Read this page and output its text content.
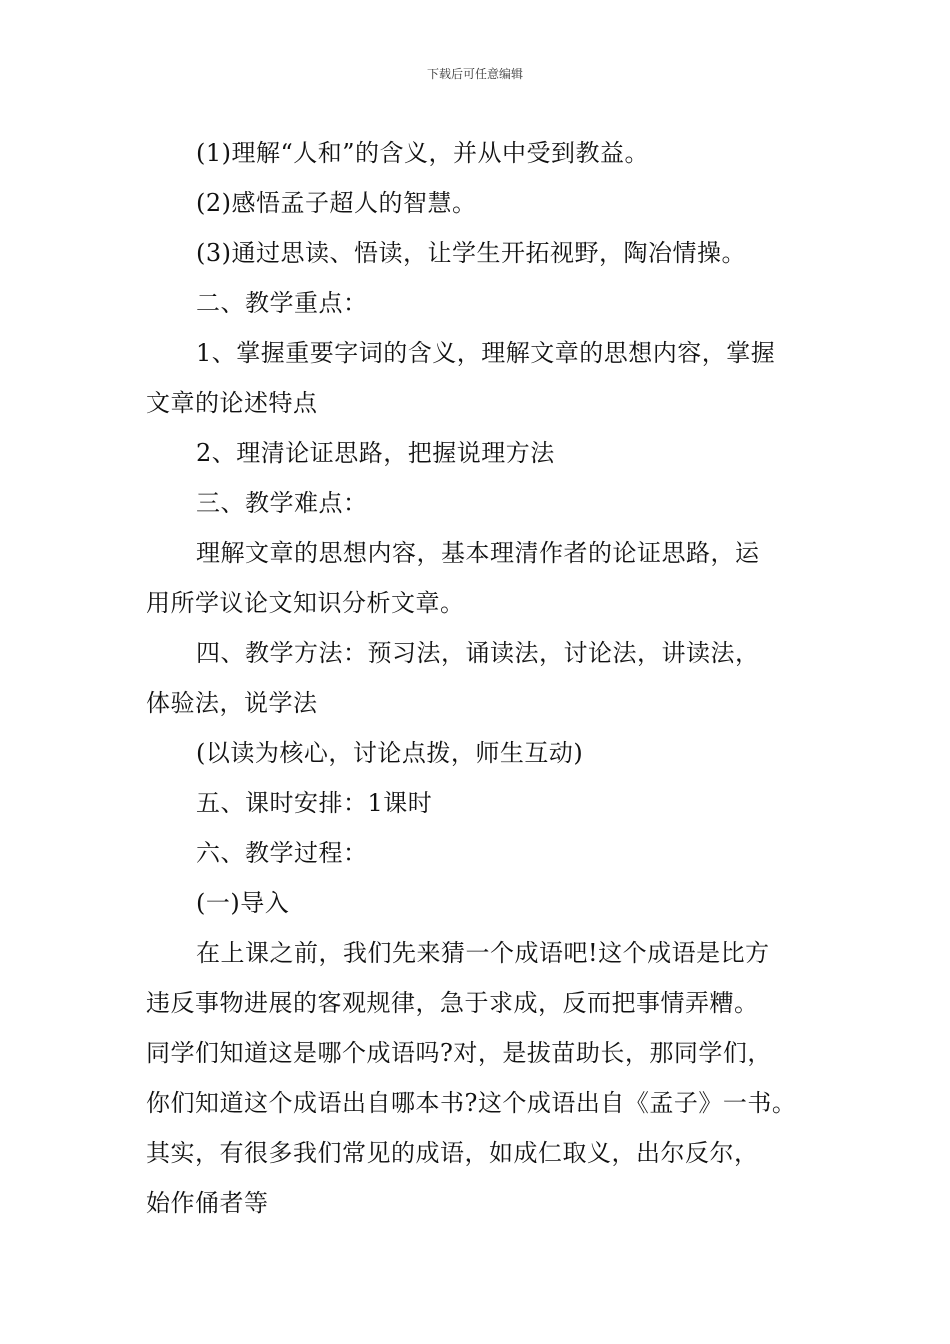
下载后可任意编辑
(1)理解“人和”的含义，并从中受到教益。
(2)感悟孟子超人的智慧。
(3)通过思读、悟读，让学生开拓视野，陶冶情操。
二、教学重点：
1、掌握重要字词的含义，理解文章的思想内容，掌握
文章的论述特点
2、理清论证思路，把握说理方法
三、教学难点：
理解文章的思想内容，基本理清作者的论证思路，运
用所学议论文知识分析文章。
四、教学方法：预习法，诵读法，讨论法，讲读法，
体验法，说学法
(以读为核心，讨论点拨，师生互动)
五、课时安排：1课时
六、教学过程：
(一)导入
在上课之前，我们先来猜一个成语吧!这个成语是比方
违反事物进展的客观规律，急于求成，反而把事情弄糟。
同学们知道这是哪个成语吗?对，是拔苗助长，那同学们，
你们知道这个成语出自哪本书?这个成语出自《孟子》一书。
其实，有很多我们常见的成语，如成仁取义，出尔反尔，
始作俑者等
